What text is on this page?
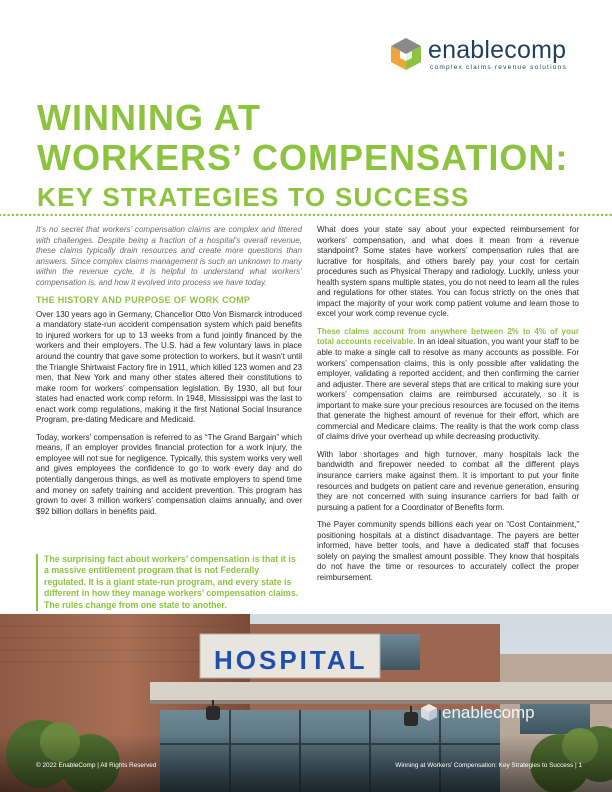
enablecomp
complex claims revenue solutions
WINNING AT
WORKERS’ COMPENSATION:
KEY STRATEGIES TO SUCCESS

It’s no secret that workers’ compensation claims are complex and littered with challenges. Despite being a fraction of a hospital’s overall revenue, these claims typically drain resources and create more questions than answers. Since complex claims management is such an unknown to many within the revenue cycle, it is helpful to understand what workers’ compensation is, and how it evolved into process we have today.

THE HISTORY AND PURPOSE OF WORK COMP

Over 130 years ago in Germany, Chancellor Otto Von Bismarck introduced a mandatory state-run accident compensation system which paid benefits to injured workers for up to 13 weeks from a fund jointly financed by the workers and their employers. The U.S. had a few voluntary laws in place around the country that gave some protection to workers, but it wasn’t until the Triangle Shirtwaist Factory fire in 1911, which killed 123 women and 23 men, that New York and many other states altered their constitutions to make room for workers’ compensation legislation. By 1930, all but four states had enacted work comp reform. In 1948, Mississippi was the last to enact work comp regulations, making it the first National Social Insurance Program, pre-dating Medicare and Medicaid.

Today, workers’ compensation is referred to as “The Grand Bargain” which means, if an employer provides financial protection for a work injury, the employee will not sue for negligence. Typically, this system works very well and gives employees the confidence to go to work every day and do potentially dangerous things, as well as motivate employers to spend time and money on safety training and accident prevention. This program has grown to over 3 million workers’ compensation claims annually, and over $92 billion dollars in benefits paid.

The surprising fact about workers’ compensation is that it is a massive entitlement program that is not Federally regulated. It is a giant state-run program, and every state is different in how they manage workers’ compensation claims. The rules change from one state to another.

What does your state say about your expected reimbursement for workers’ compensation, and what does it mean from a revenue standpoint? Some states have workers’ compensation rules that are lucrative for hospitals, and others barely pay your cost for certain procedures such as Physical Therapy and radiology. Luckily, unless your health system spans multiple states, you do not need to learn all the rules and regulations for other states. You can focus strictly on the ones that impact the majority of your work comp patient volume and learn those to excel your work comp revenue cycle.

These claims account from anywhere between 2% to 4% of your total accounts receivable. In an ideal situation, you want your staff to be able to make a single call to resolve as many accounts as possible. For workers’ compensation claims, this is only possible after validating the employer, validating a reported accident, and then confirming the carrier and adjuster. There are several steps that are critical to making sure your workers’ compensation claims are reimbursed accurately, so it is important to make sure your precious resources are focused on the items that generate the highest amount of revenue for their effort, which are commercial and Medicare claims. The reality is that the work comp class of claims drive your overhead up while decreasing productivity.

With labor shortages and high turnover, many hospitals lack the bandwidth and firepower needed to combat all the different plays insurance carriers make against them. It is important to put your finite resources and budgets on patient care and revenue generation, ensuring they are not concerned with suing insurance carriers for bad faith or pursuing a patient for a Coordinator of Benefits form.

The Payer community spends billions each year on “Cost Containment,” positioning hospitals at a distinct disadvantage. The payers are better informed, have better tools, and have a dedicated staff that focuses solely on paying the smallest amount possible. They know that hospitals do not have the time or resources to accurately collect the proper reimbursement.

HOSPITAL
enablecomp
© 2022 EnableComp | All Rights Reserved	Winning at Workers’ Compensation: Key Strategies to Success | 1
